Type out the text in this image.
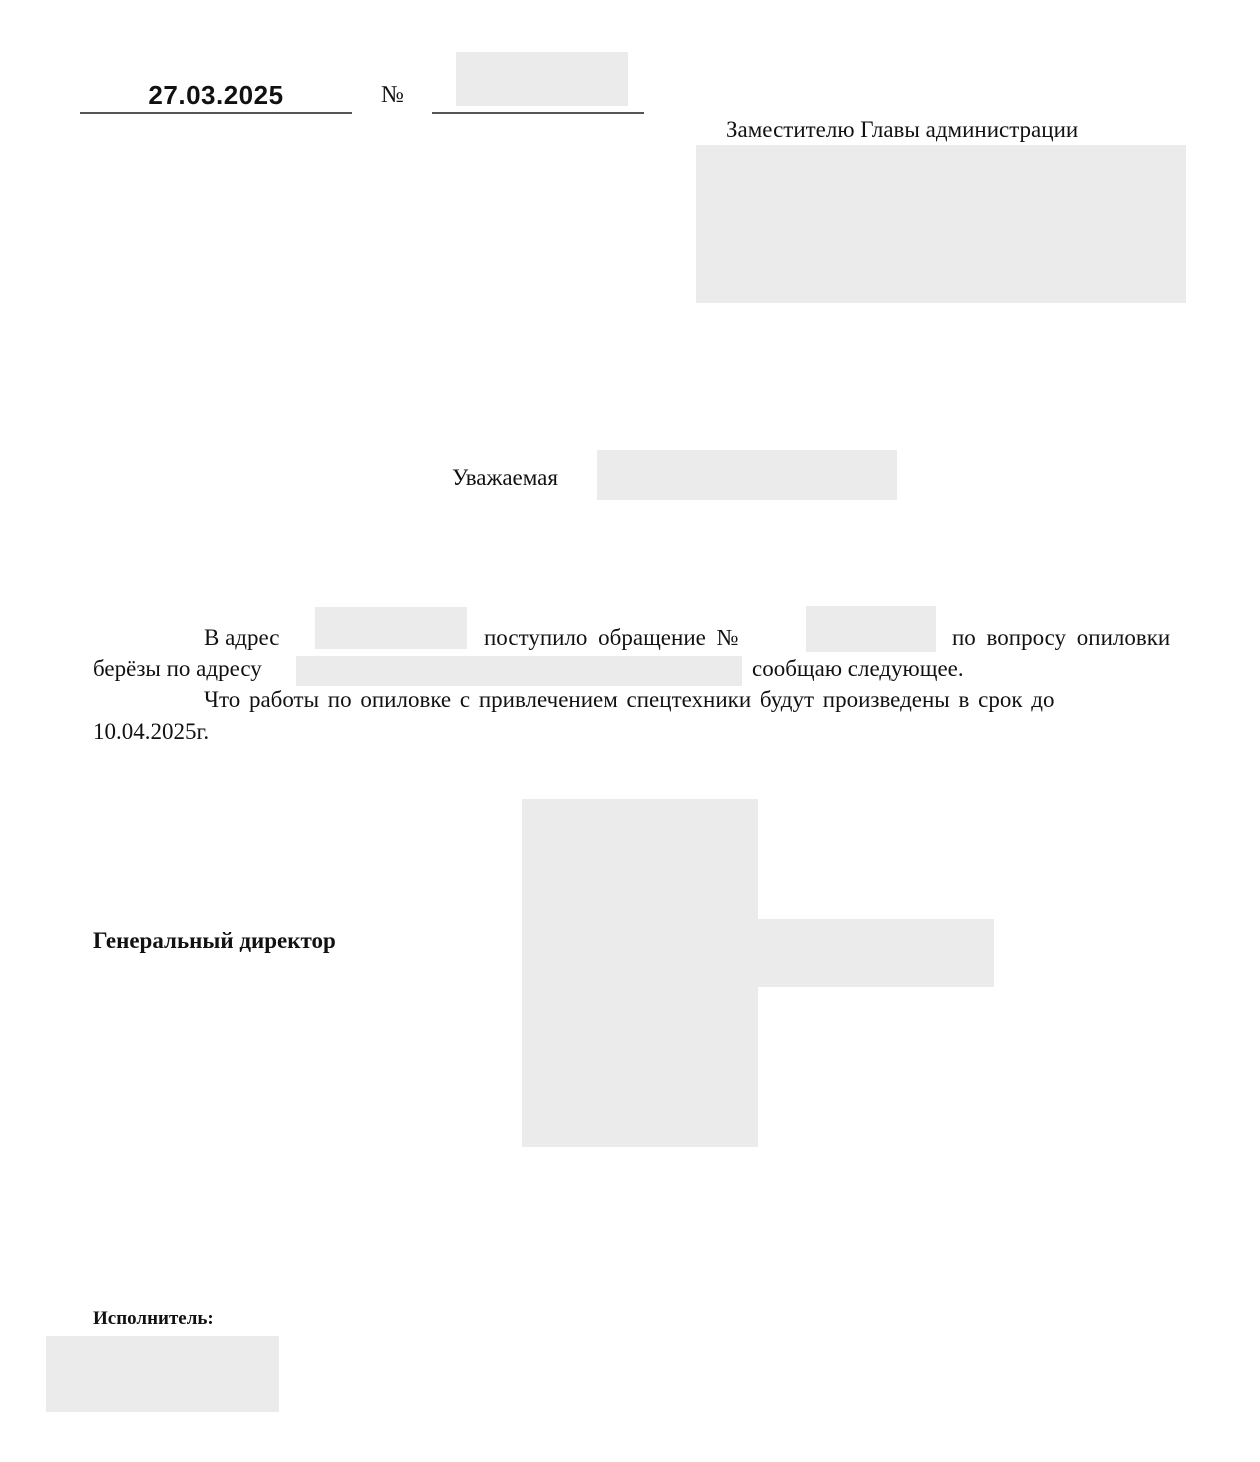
27.03.2025	№
Заместителю Главы администрации
Уважаемая
В адрес	поступило обращение №	по вопросу опиловки
берёзы по адресу	сообщаю следующее.
Что работы по опиловке с привлечением спецтехники будут произведены в срок до
10.04.2025г.
Генеральный директор
Исполнитель:
